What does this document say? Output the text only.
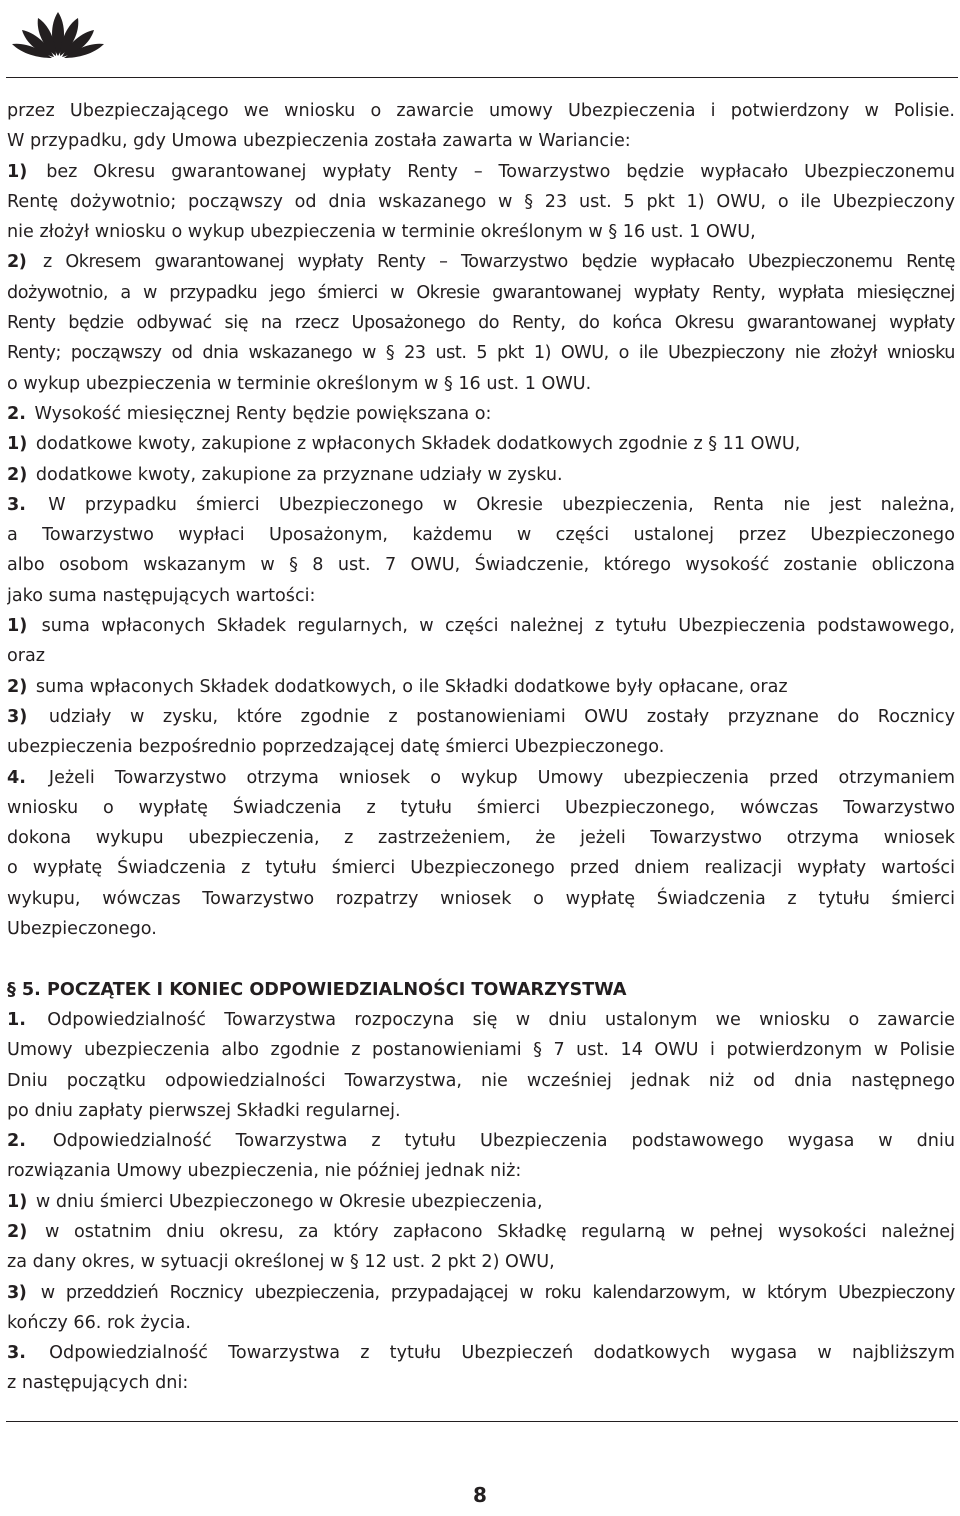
przez Ubezpieczającego we wniosku o zawarcie umowy Ubezpieczenia i potwierdzony w Polisie.
W przypadku, gdy Umowa ubezpieczenia została zawarta w Wariancie:
1) bez Okresu gwarantowanej wypłaty Renty – Towarzystwo będzie wypłacało Ubezpieczonemu
Rentę dożywotnio; począwszy od dnia wskazanego w § 23 ust. 5 pkt 1) OWU, o ile Ubezpieczony
nie złożył wniosku o wykup ubezpieczenia w terminie określonym w § 16 ust. 1 OWU,
2) z Okresem gwarantowanej wypłaty Renty – Towarzystwo będzie wypłacało Ubezpieczonemu Rentę
dożywotnio, a w przypadku jego śmierci w Okresie gwarantowanej wypłaty Renty, wypłata miesięcznej
Renty będzie odbywać się na rzecz Uposażonego do Renty, do końca Okresu gwarantowanej wypłaty
Renty; począwszy od dnia wskazanego w § 23 ust. 5 pkt 1) OWU, o ile Ubezpieczony nie złożył wniosku
o wykup ubezpieczenia w terminie określonym w § 16 ust. 1 OWU.
2. Wysokość miesięcznej Renty będzie powiększana o:
1) dodatkowe kwoty, zakupione z wpłaconych Składek dodatkowych zgodnie z § 11 OWU,
2) dodatkowe kwoty, zakupione za przyznane udziały w zysku.
3. W przypadku śmierci Ubezpieczonego w Okresie ubezpieczenia, Renta nie jest należna,
a Towarzystwo wypłaci Uposażonym, każdemu w części ustalonej przez Ubezpieczonego
albo osobom wskazanym w § 8 ust. 7 OWU, Świadczenie, którego wysokość zostanie obliczona
jako suma następujących wartości:
1) suma wpłaconych Składek regularnych, w części należnej z tytułu Ubezpieczenia podstawowego,
oraz
2) suma wpłaconych Składek dodatkowych, o ile Składki dodatkowe były opłacane, oraz
3) udziały w zysku, które zgodnie z postanowieniami OWU zostały przyznane do Rocznicy
ubezpieczenia bezpośrednio poprzedzającej datę śmierci Ubezpieczonego.
4. Jeżeli Towarzystwo otrzyma wniosek o wykup Umowy ubezpieczenia przed otrzymaniem
wniosku o wypłatę Świadczenia z tytułu śmierci Ubezpieczonego, wówczas Towarzystwo
dokona wykupu ubezpieczenia, z zastrzeżeniem, że jeżeli Towarzystwo otrzyma wniosek
o wypłatę Świadczenia z tytułu śmierci Ubezpieczonego przed dniem realizacji wypłaty wartości
wykupu, wówczas Towarzystwo rozpatrzy wniosek o wypłatę Świadczenia z tytułu śmierci
Ubezpieczonego.
§ 5. POCZĄTEK I KONIEC ODPOWIEDZIALNOŚCI TOWARZYSTWA
1. Odpowiedzialność Towarzystwa rozpoczyna się w dniu ustalonym we wniosku o zawarcie
Umowy ubezpieczenia albo zgodnie z postanowieniami § 7 ust. 14 OWU i potwierdzonym w Polisie
Dniu początku odpowiedzialności Towarzystwa, nie wcześniej jednak niż od dnia następnego
po dniu zapłaty pierwszej Składki regularnej.
2. Odpowiedzialność Towarzystwa z tytułu Ubezpieczenia podstawowego wygasa w dniu
rozwiązania Umowy ubezpieczenia, nie później jednak niż:
1) w dniu śmierci Ubezpieczonego w Okresie ubezpieczenia,
2) w ostatnim dniu okresu, za który zapłacono Składkę regularną w pełnej wysokości należnej
za dany okres, w sytuacji określonej w § 12 ust. 2 pkt 2) OWU,
3) w przeddzień Rocznicy ubezpieczenia, przypadającej w roku kalendarzowym, w którym Ubezpieczony
kończy 66. rok życia.
3. Odpowiedzialność Towarzystwa z tytułu Ubezpieczeń dodatkowych wygasa w najbliższym
z następujących dni:
8
